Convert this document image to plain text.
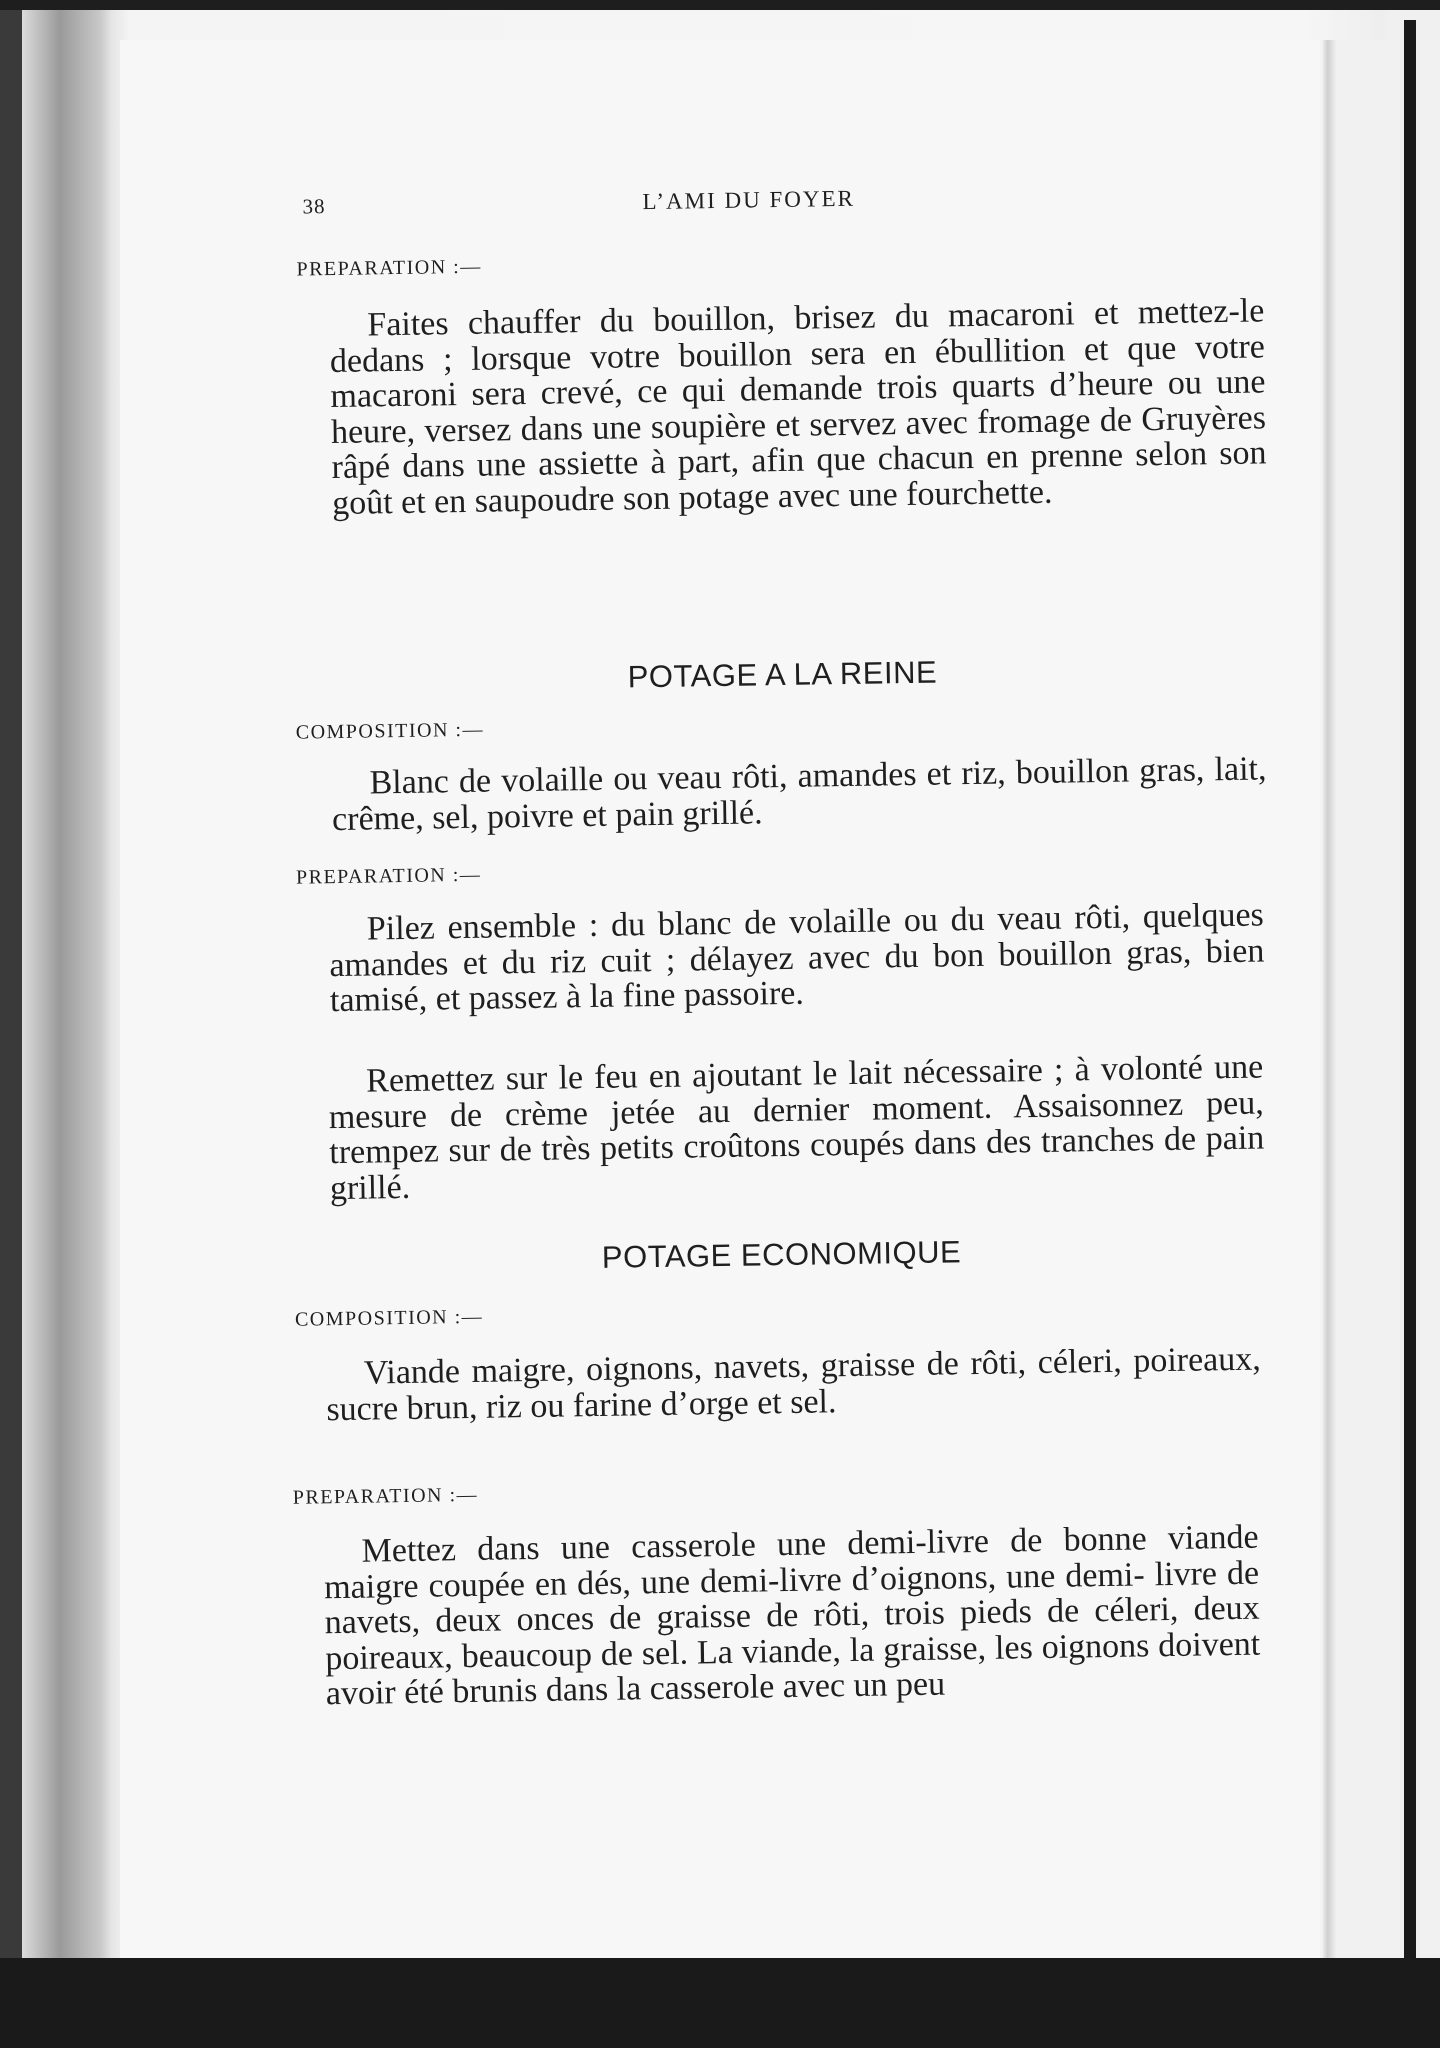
38	L’AMI DU FOYER
PREPARATION :—

Faites chauffer du bouillon, brisez du macaroni et mettez-le dedans ; lorsque votre bouillon sera en ébullition et que votre macaroni sera crevé, ce qui demande trois quarts d’heure ou une heure, versez dans une soupière et servez avec fromage de Gruyères râpé dans une assiette à part, afin que chacun en prenne selon son goût et en saupoudre son potage avec une fourchette.

POTAGE A LA REINE
COMPOSITION :—

Blanc de volaille ou veau rôti, amandes et riz, bouillon gras, lait, crême, sel, poivre et pain grillé.

PREPARATION :—

Pilez ensemble : du blanc de volaille ou du veau rôti, quelques amandes et du riz cuit ; délayez avec du bon bouillon gras, bien tamisé, et passez à la fine passoire.

Remettez sur le feu en ajoutant le lait nécessaire ; à volonté une mesure de crème jetée au dernier moment. Assaisonnez peu, trempez sur de très petits croûtons coupés dans des tranches de pain grillé.

POTAGE ECONOMIQUE
COMPOSITION :—

Viande maigre, oignons, navets, graisse de rôti, céleri, poireaux, sucre brun, riz ou farine d’orge et sel.

PREPARATION :—

Mettez dans une casserole une demi-livre de bonne viande maigre coupée en dés, une demi-livre d’oignons, une demi- livre de navets, deux onces de graisse de rôti, trois pieds de céleri, deux poireaux, beaucoup de sel. La viande, la graisse, les oignons doivent avoir été brunis dans la casserole avec un peu
